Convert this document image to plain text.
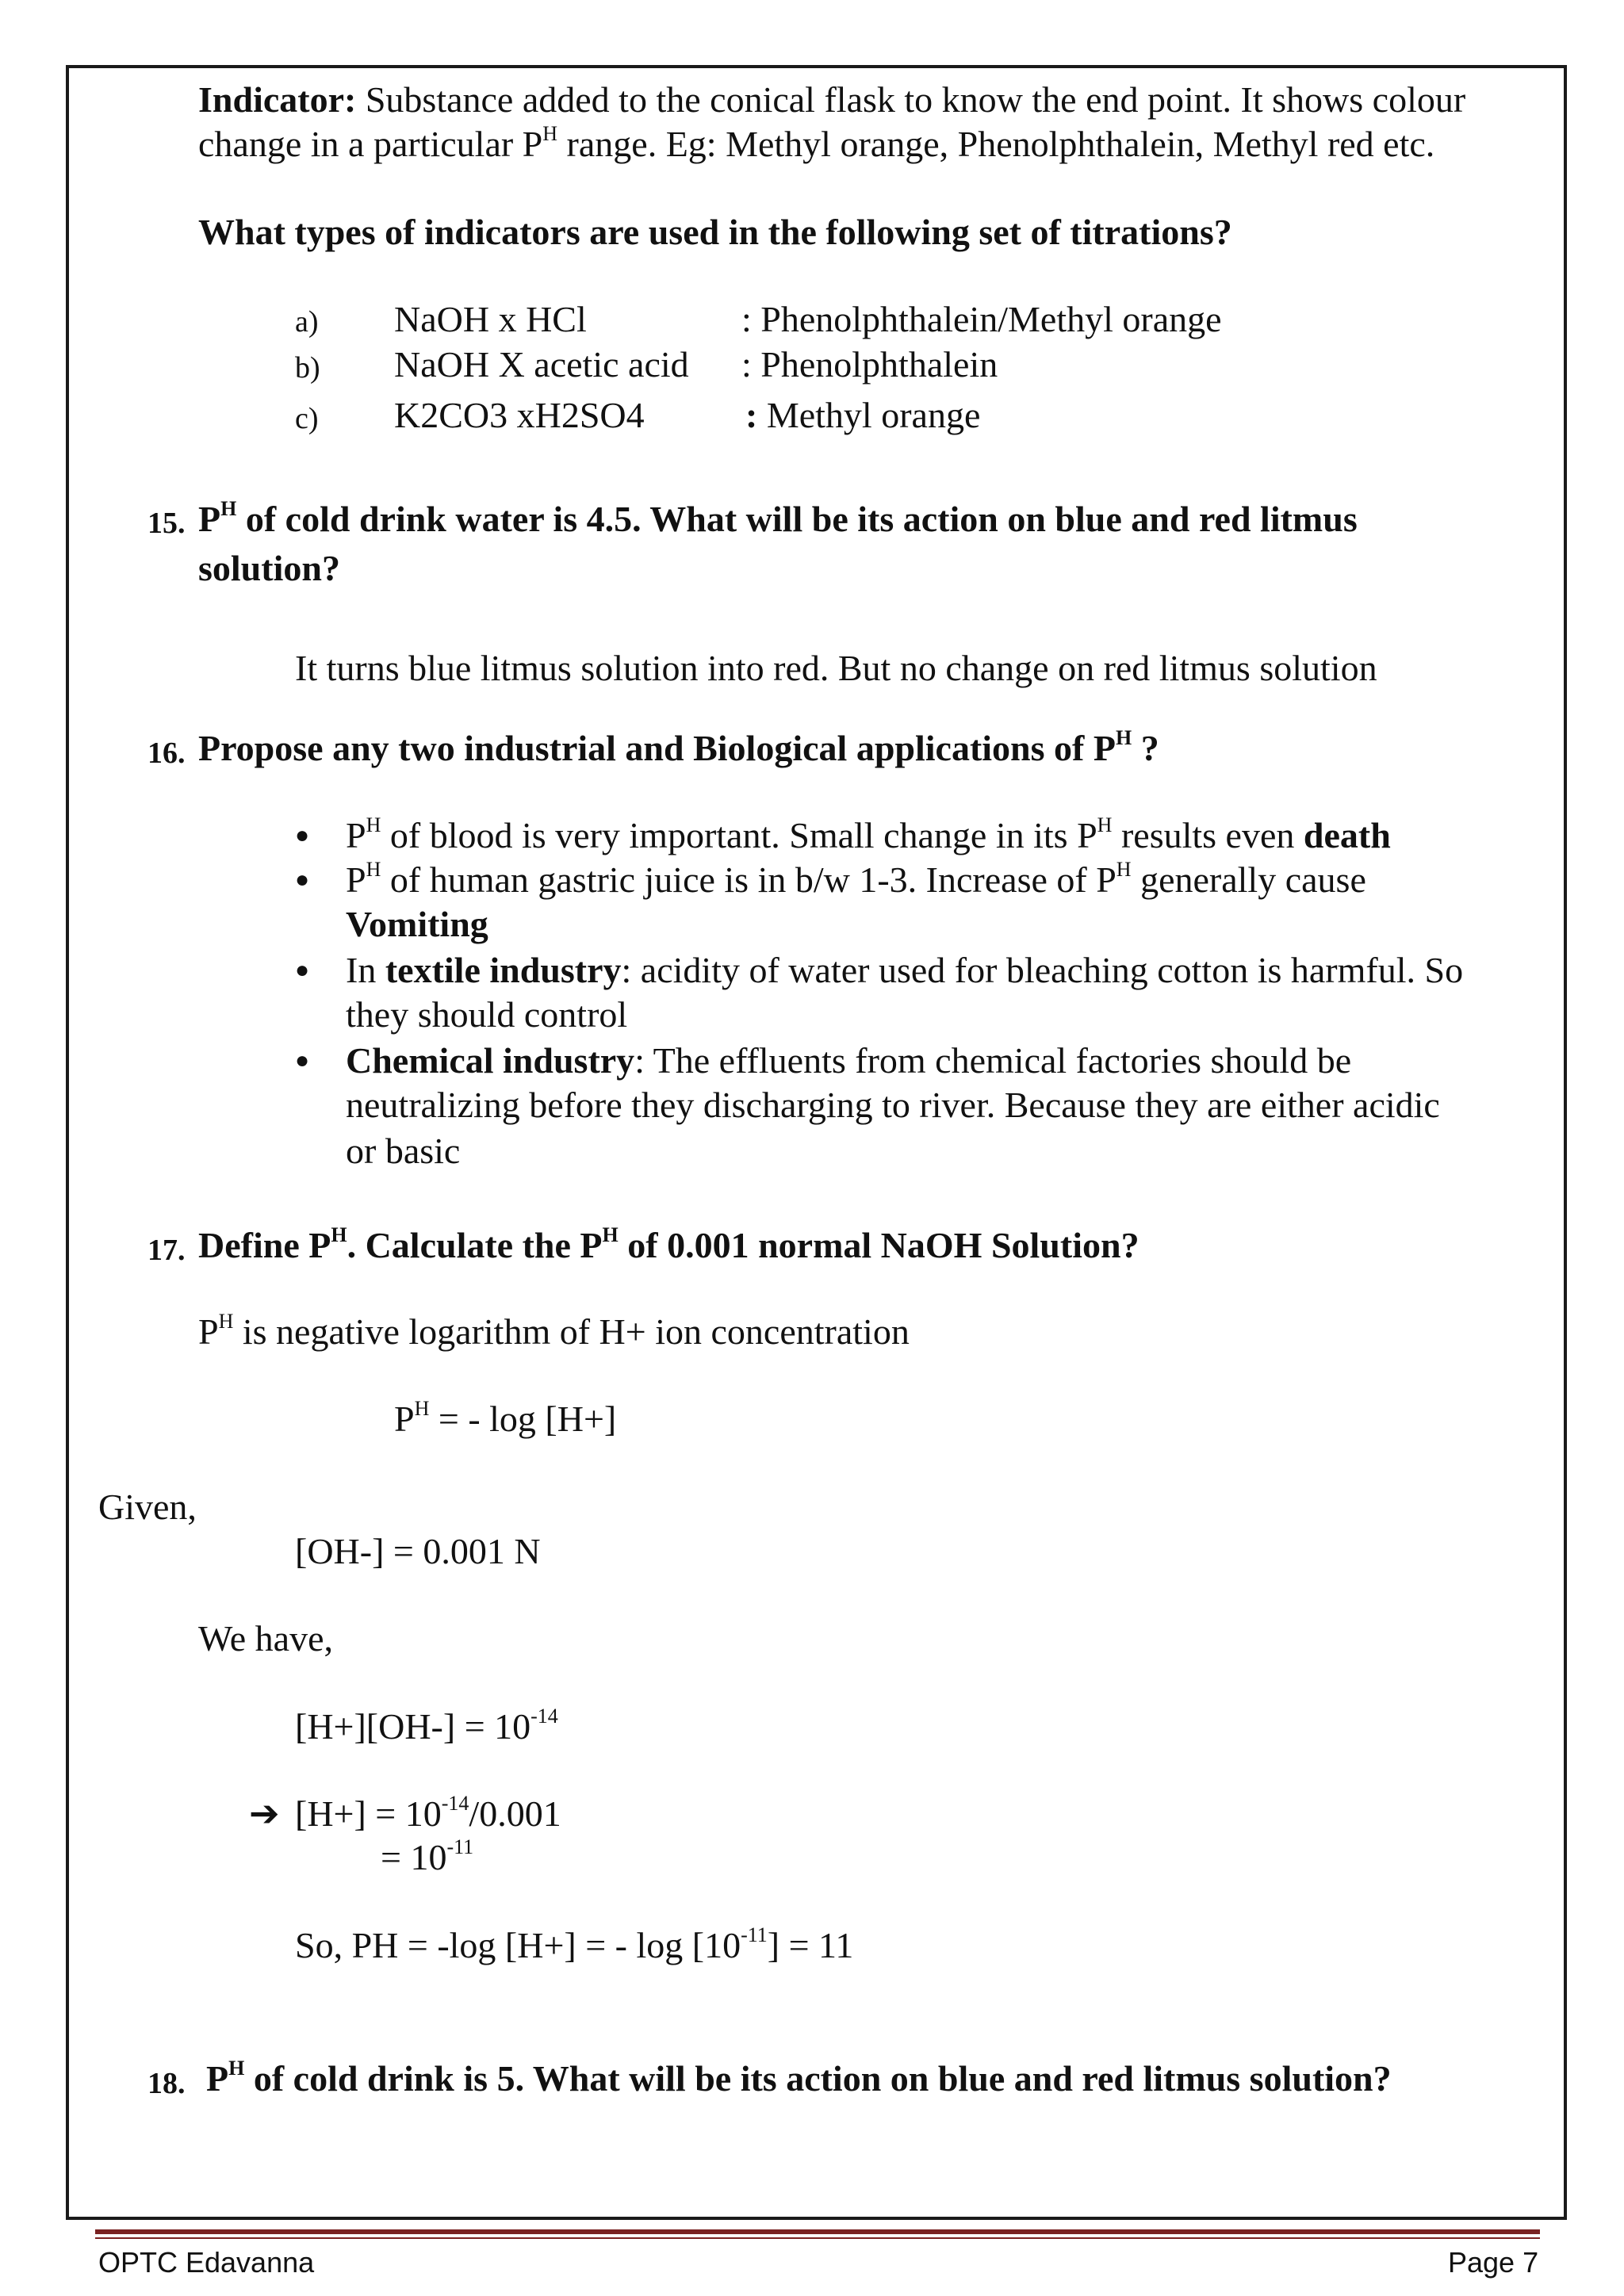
Indicator: Substance added to the conical flask to know the end point. It shows colour
change in a particular $P^H$ range. Eg: Methyl orange, Phenolphthalein, Methyl red etc.
What types of indicators are used in the following set of titrations?
a) NaOH x HCl	: Phenolphthalein/Methyl orange
b) NaOH X acetic acid : Phenolphthalein
c) K2CO3 xH2SO4	: Methyl orange
15. $P^H$ of cold drink water is 4.5. What will be its action on blue and red litmus
solution?
It turns blue litmus solution into red. But no change on red litmus solution
16. Propose any two industrial and Biological applications of $P^H$ ?
● $P^H$ of blood is very important. Small change in its $P^H$ results even death
● $P^H$ of human gastric juice is in b/w 1-3. Increase of $P^H$ generally cause
Vomiting
● In textile industry: acidity of water used for bleaching cotton is harmful. So
they should control
● Chemical industry: The effluents from chemical factories should be
neutralizing before they discharging to river. Because they are either acidic
or basic
17. Define $P^H$. Calculate the $P^H$ of 0.001 normal NaOH Solution?
$P^H$ is negative logarithm of H+ ion concentration
$P^H$ = - log [H+]
Given,
[OH-] = 0.001 N
We have,
$[H+][OH-] = 10^{-14}$
➔ $[H+] = 10^{-14}/0.001$
= $10^{-11}$
So, PH = -log [H+] = - $\log [10^{-11}] = 11$
18. $P^H$ of cold drink is 5. What will be its action on blue and red litmus solution?
OPTC Edavanna	Page 7
